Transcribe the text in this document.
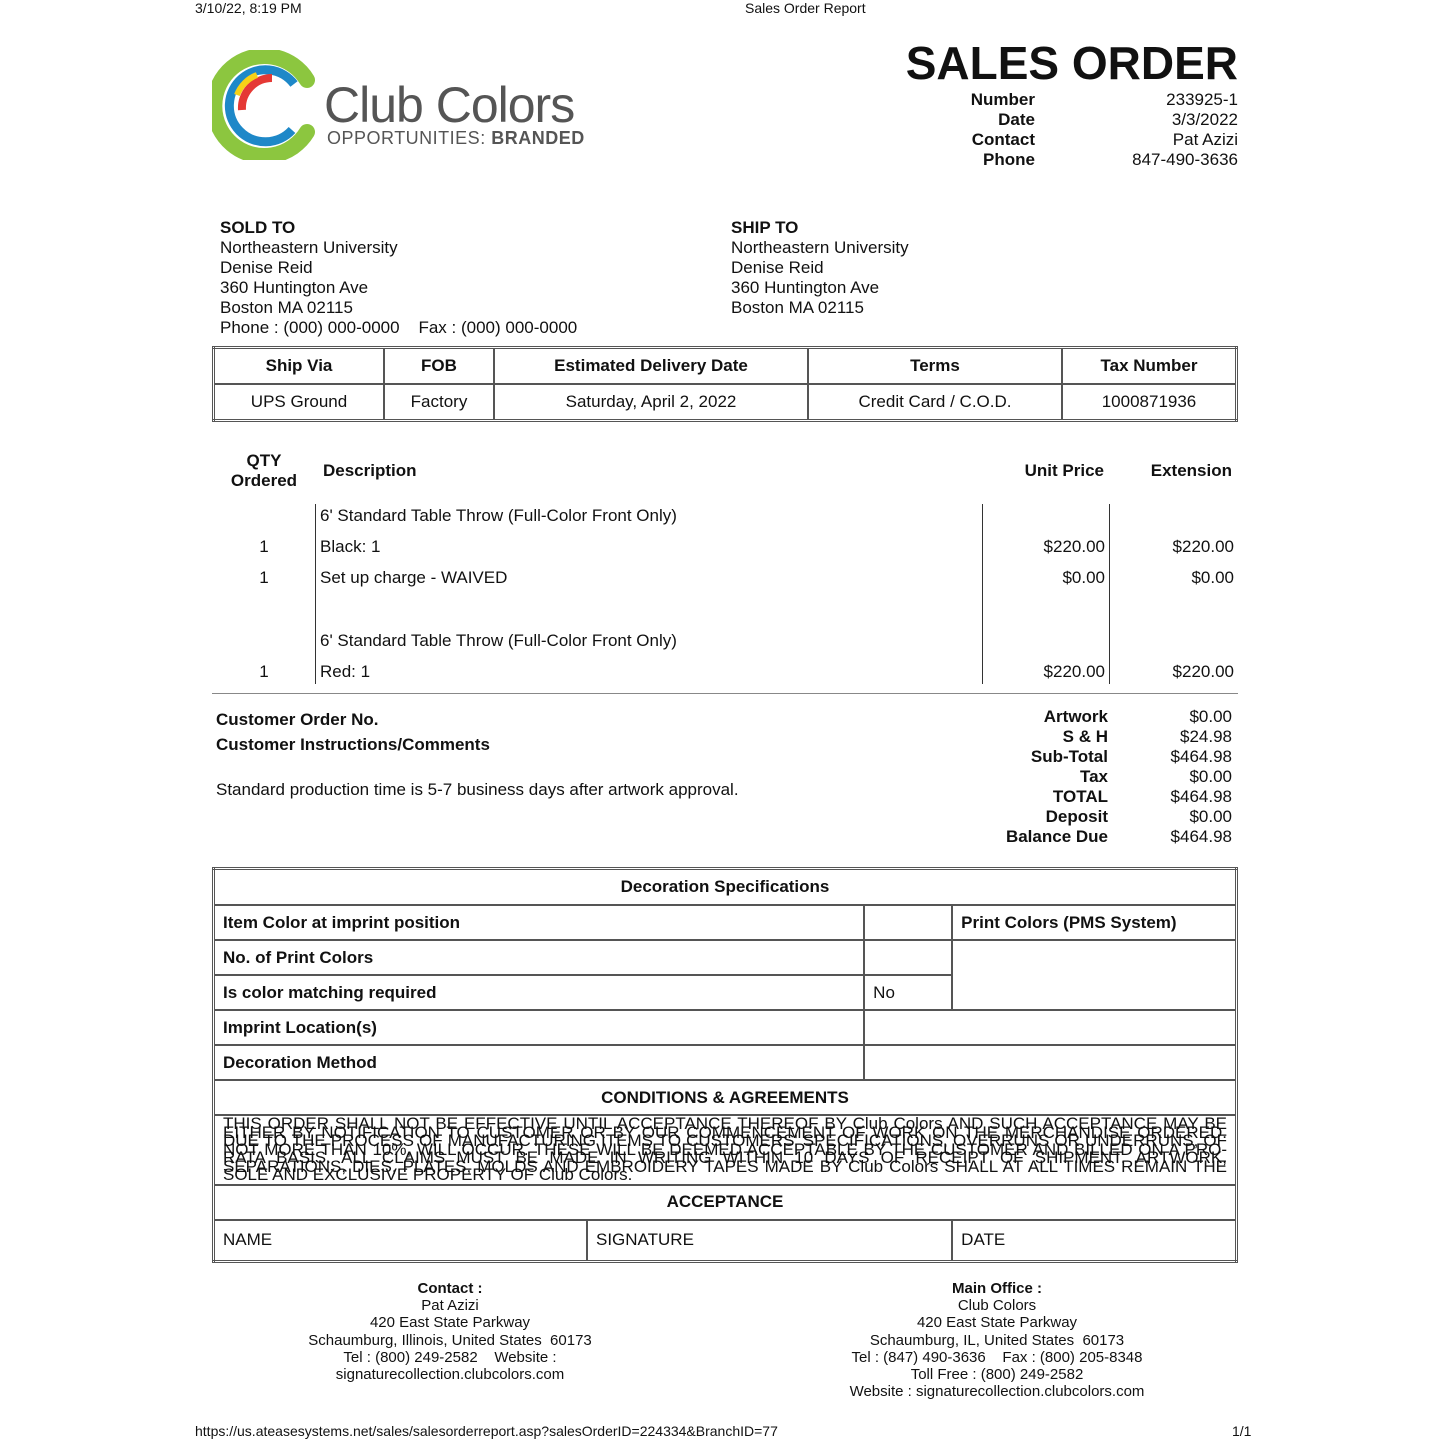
3/10/22, 8:19 PM	Sales Order Report
Club Colors
OPPORTUNITIES: BRANDED
SALES ORDER
Number	233925-1
Date	3/3/2022
Contact	Pat Azizi
Phone	847-490-3636
SOLD TO
Northeastern University
Denise Reid
360 Huntington Ave
Boston MA 02115
Phone : (000) 000-0000    Fax : (000) 000-0000
SHIP TO
Northeastern University
Denise Reid
360 Huntington Ave
Boston MA 02115
Ship Via	FOB	Estimated Delivery Date	Terms	Tax Number
UPS Ground	Factory	Saturday, April 2, 2022	Credit Card / C.O.D.	1000871936
QTY
Ordered
Description	Unit Price	Extension
6' Standard Table Throw (Full-Color Front Only)
1	Black: 1	$220.00	$220.00
1	Set up charge - WAIVED	$0.00	$0.00
6' Standard Table Throw (Full-Color Front Only)
1	Red: 1	$220.00	$220.00
Customer Order No.
Customer Instructions/Comments
Standard production time is 5-7 business days after artwork approval.
Artwork	$0.00
S & H	$24.98
Sub-Total	$464.98
Tax	$0.00
TOTAL	$464.98
Deposit	$0.00
Balance Due	$464.98
Decoration Specifications			
Item Color at imprint position			Print Colors (PMS System)
No. of Print Colors			
Is color matching required		No	
Imprint Location(s)			
Decoration Method			
CONDITIONS & AGREEMENTS			
THIS ORDER SHALL NOT BE EFFECTIVE UNTIL ACCEPTANCE THEREOF BY Club Colors AND SUCH ACCEPTANCE MAY BE EITHER BY NOTIFICATION TO CUSTOMER OR BY OUR COMMENCEMENT OF WORK ON THE MERCHANDISE ORDERED. DUE TO THE PROCESS OF MANUFACTURING ITEMS TO CUSTOMERS' SPECIFICATIONS, OVERRUNS OR UNDERRUNS, OF NOT MORE THAN 10%, WILL OCCUR. THESE WILL BE DEEMED ACCEPTABLE BY THE CUSTOMER AND BILLED ON A PRO-RATA BASIS. ALL CLAIMS MUST BE MADE IN WRITING WITHIN 10 DAYS OF RECEIPT OF SHIPMENT. ARTWORK, SEPARATIONS, DIES, PLATES, MOLDS AND EMBROIDERY TAPES MADE BY Club Colors SHALL AT ALL TIMES REMAIN THE SOLE AND EXCLUSIVE PROPERTY OF Club Colors.			
ACCEPTANCE			
NAME	SIGNATURE		DATE
Contact :
Pat Azizi
420 East State Parkway
Schaumburg, Illinois, United States  60173
Tel : (800) 249-2582    Website :
signaturecollection.clubcolors.com
Main Office :
Club Colors
420 East State Parkway
Schaumburg, IL, United States  60173
Tel : (847) 490-3636    Fax : (800) 205-8348
Toll Free : (800) 249-2582
Website : signaturecollection.clubcolors.com
https://us.ateasesystems.net/sales/salesorderreport.asp?salesOrderID=224334&BranchID=77	1/1
